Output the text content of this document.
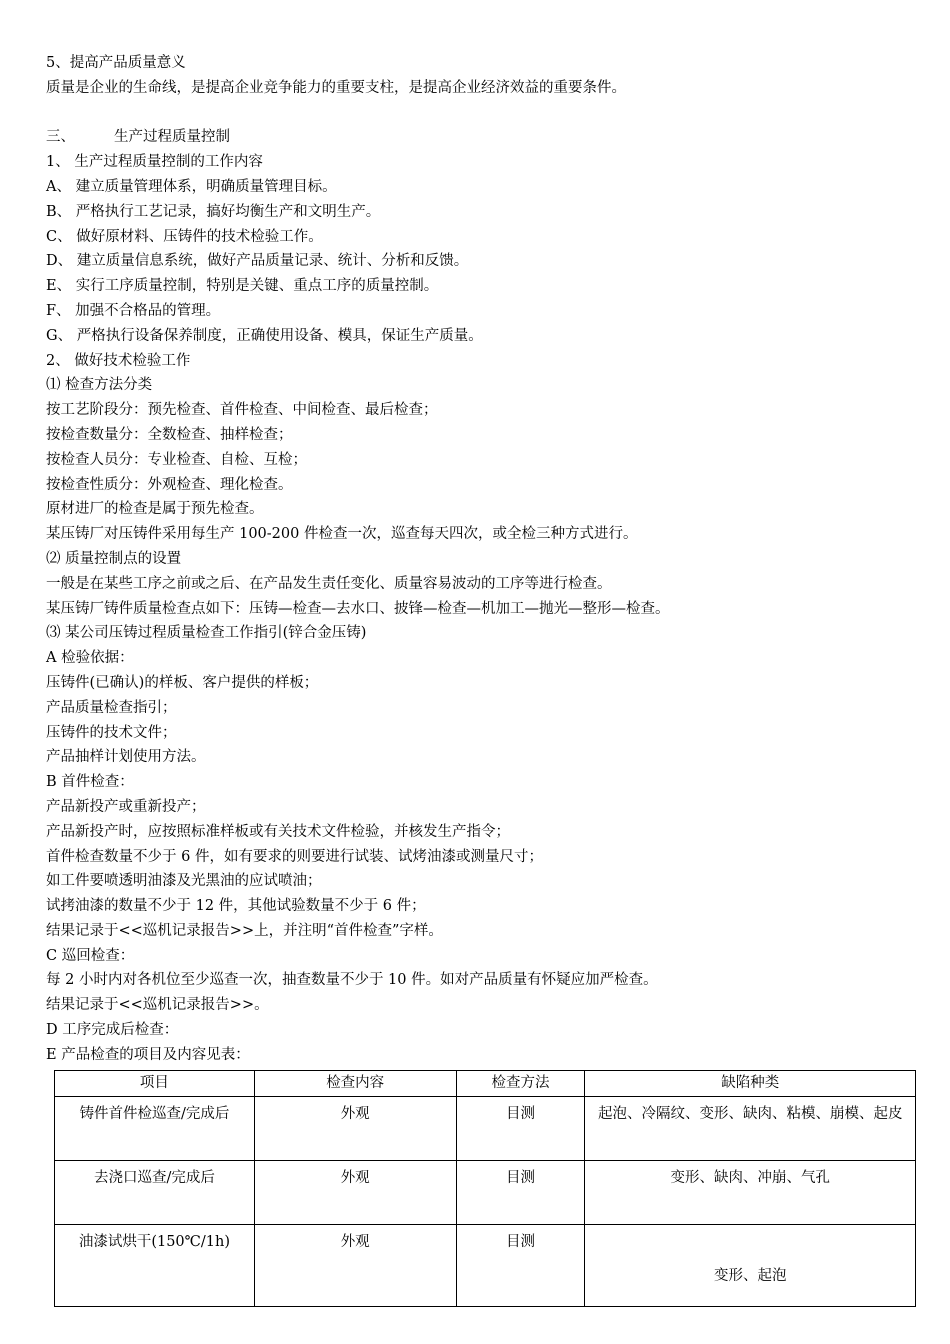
5、提高产品质量意义
质量是企业的生命线，是提高企业竞争能力的重要支柱，是提高企业经济效益的重要条件。
三、	生产过程质量控制
1、 生产过程质量控制的工作内容
A、 建立质量管理体系，明确质量管理目标。
B、 严格执行工艺记录，搞好均衡生产和文明生产。
C、 做好原材料、压铸件的技术检验工作。
D、 建立质量信息系统，做好产品质量记录、统计、分析和反馈。
E、 实行工序质量控制，特别是关键、重点工序的质量控制。
F、 加强不合格品的管理。
G、 严格执行设备保养制度，正确使用设备、模具，保证生产质量。
2、 做好技术检验工作
⑴ 检查方法分类
按工艺阶段分：预先检查、首件检查、中间检查、最后检查；
按检查数量分：全数检查、抽样检查；
按检查人员分：专业检查、自检、互检；
按检查性质分：外观检查、理化检查。
原材进厂的检查是属于预先检查。
某压铸厂对压铸件采用每生产 100-200 件检查一次，巡查每天四次，或全检三种方式进行。
⑵ 质量控制点的设置
一般是在某些工序之前或之后、在产品发生责任变化、质量容易波动的工序等进行检查。
某压铸厂铸件质量检查点如下：压铸—检查—去水口、披锋—检查—机加工—抛光—整形—检查。
⑶ 某公司压铸过程质量检查工作指引(锌合金压铸)
A 检验依据：
压铸件(已确认)的样板、客户提供的样板；
产品质量检查指引；
压铸件的技术文件；
产品抽样计划使用方法。
B 首件检查：
产品新投产或重新投产；
产品新投产时，应按照标准样板或有关技术文件检验，并核发生产指令；
首件检查数量不少于 6 件，如有要求的则要进行试装、试烤油漆或测量尺寸；
如工件要喷透明油漆及光黑油的应试喷油；
试拷油漆的数量不少于 12 件，其他试验数量不少于 6 件；
结果记录于<<巡机记录报告>>上，并注明“首件检查”字样。
C 巡回检查：
每 2 小时内对各机位至少巡查一次，抽查数量不少于 10 件。如对产品质量有怀疑应加严检查。
结果记录于<<巡机记录报告>>。
D 工序完成后检查：
E 产品检查的项目及内容见表：
项目	检查内容	检查方法	缺陷种类
铸件首件检巡查/完成后	外观	目测	起泡、冷隔纹、变形、缺肉、粘模、崩模、起皮
去浇口巡查/完成后	外观	目测	变形、缺肉、冲崩、气孔
油漆试烘干(150℃/1h)	外观	目测	变形、起泡
